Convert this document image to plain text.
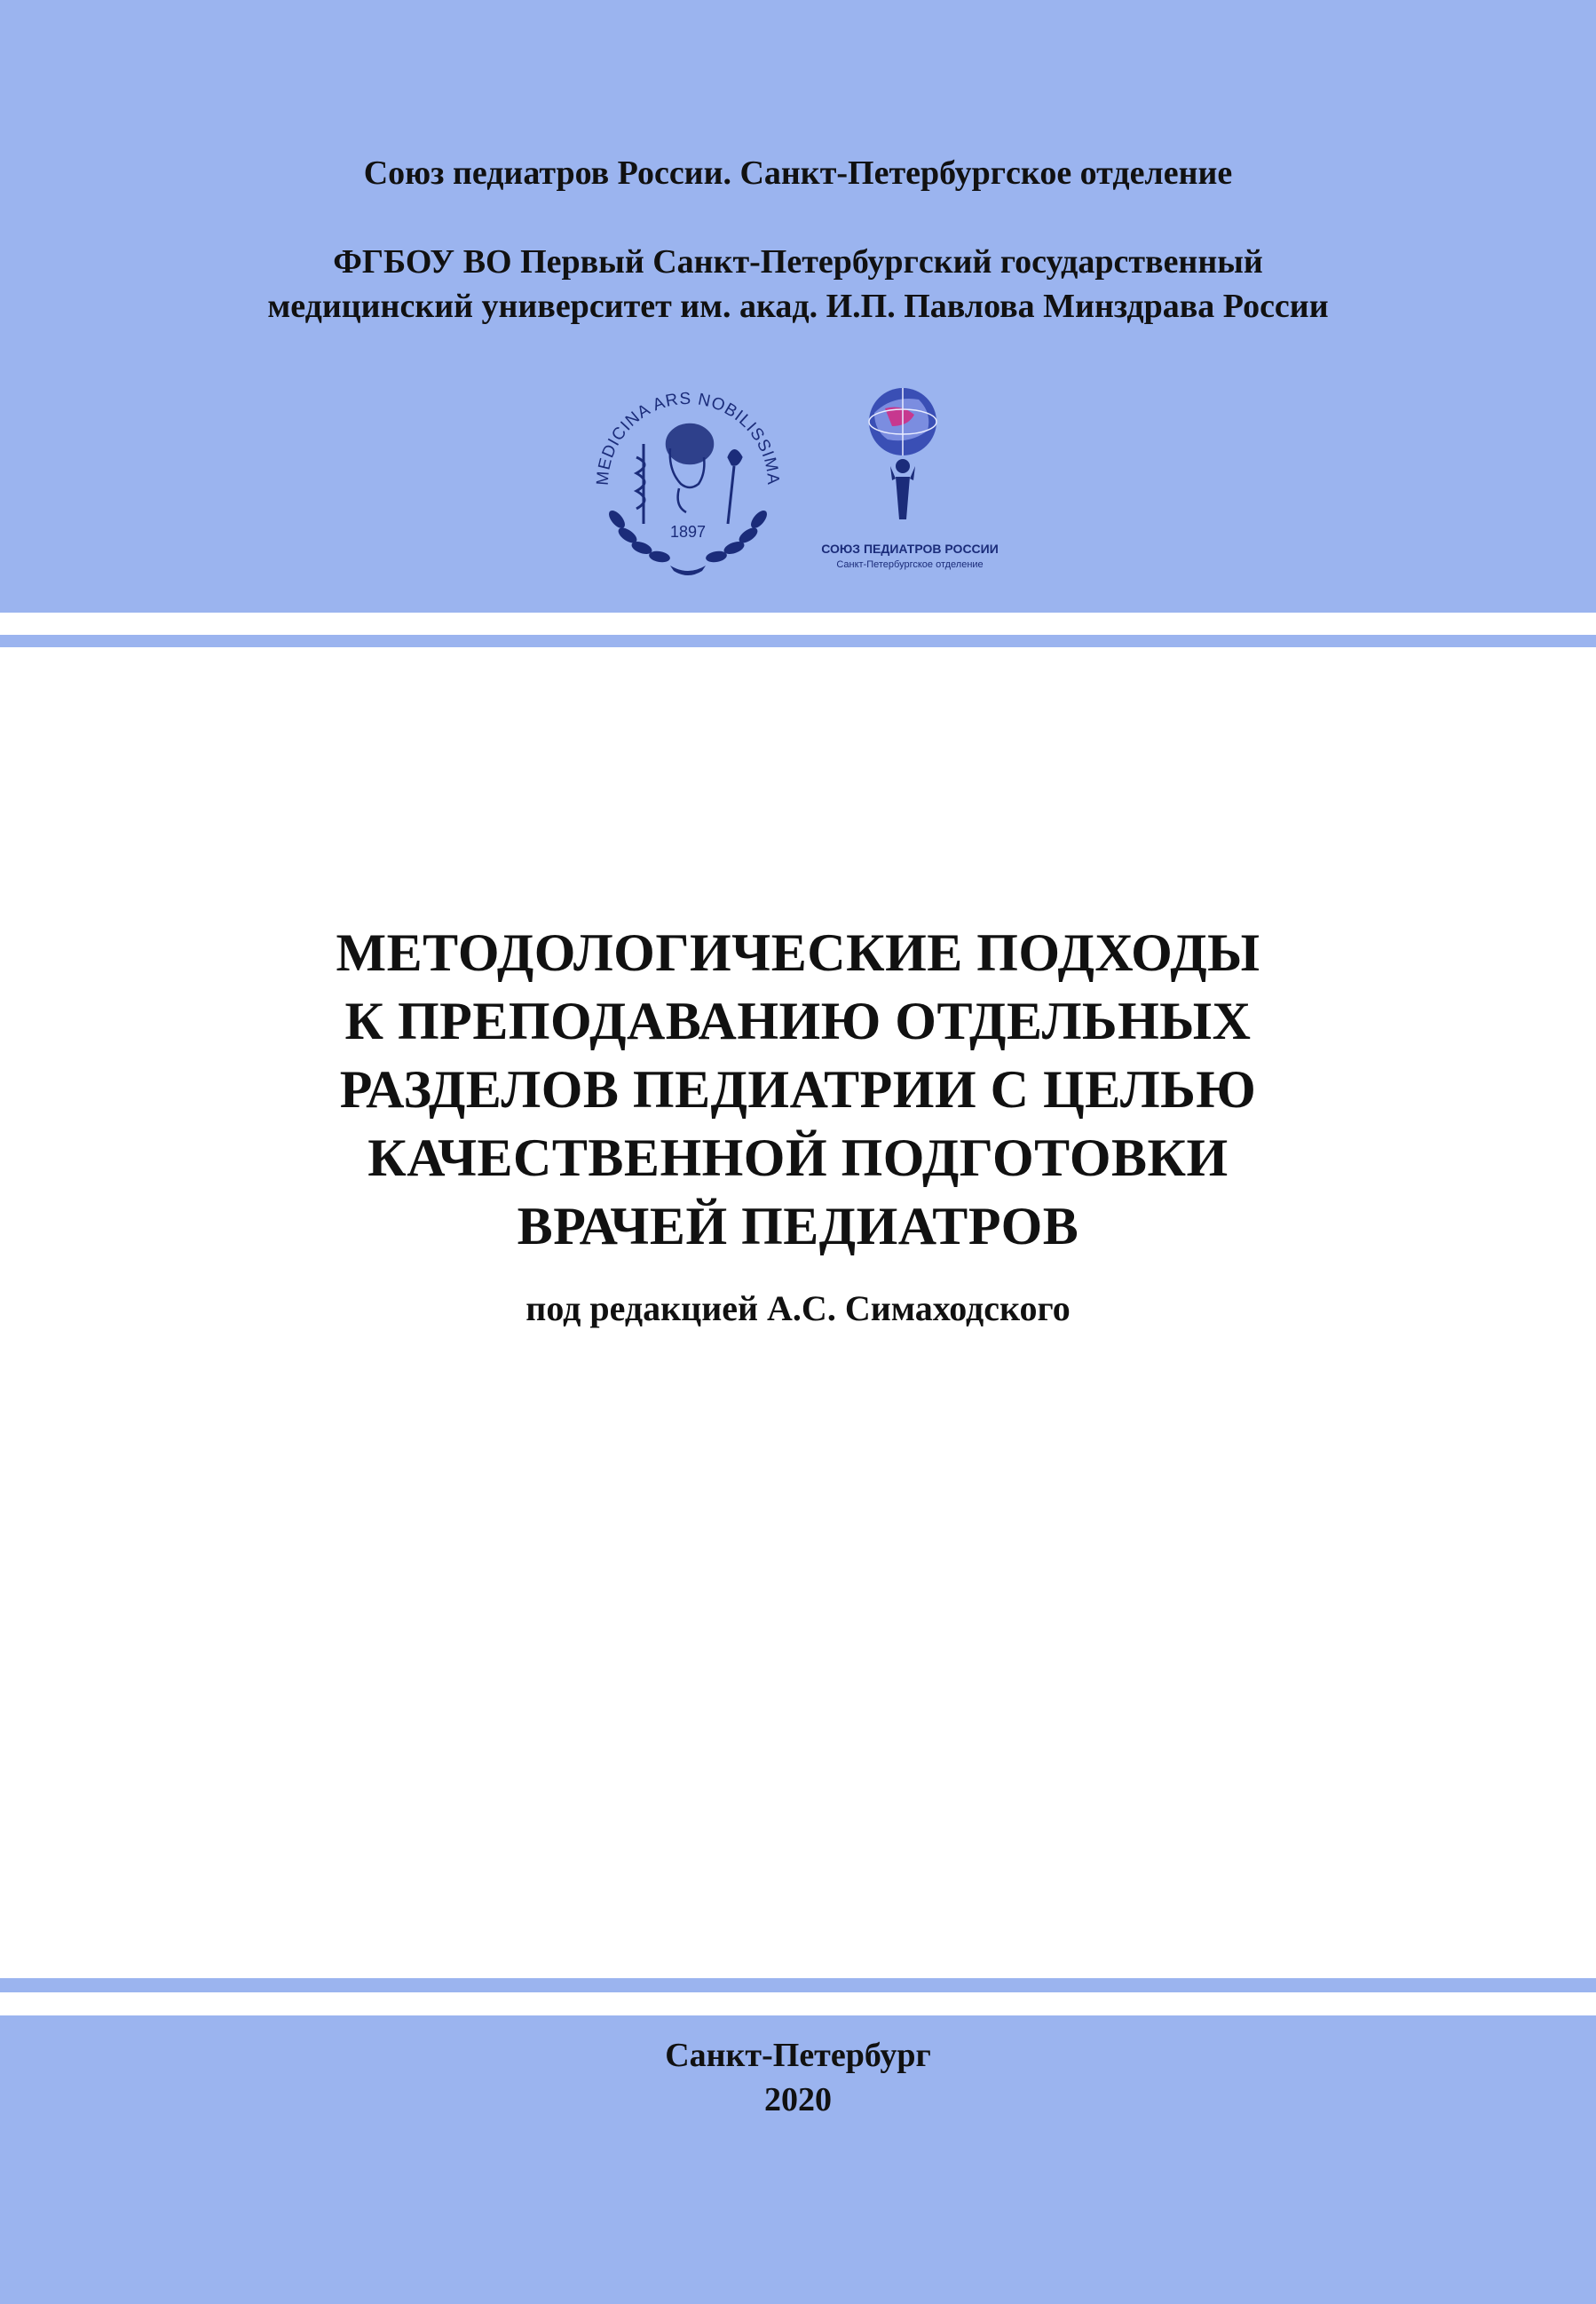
Союз педиатров России. Санкт-Петербургское отделение
ФГБОУ ВО Первый Санкт-Петербургский государственный
медицинский университет им. акад. И.П. Павлова Минздрава России
MEDICINA ARS NOBILISSIMA
1897
СОЮЗ ПЕДИАТРОВ РОССИИ
Санкт-Петербургское отделение
МЕТОДОЛОГИЧЕСКИЕ ПОДХОДЫ
К ПРЕПОДАВАНИЮ ОТДЕЛЬНЫХ
РАЗДЕЛОВ ПЕДИАТРИИ С ЦЕЛЬЮ
КАЧЕСТВЕННОЙ ПОДГОТОВКИ
ВРАЧЕЙ ПЕДИАТРОВ
под редакцией А.С. Симаходского
Санкт-Петербург
2020
